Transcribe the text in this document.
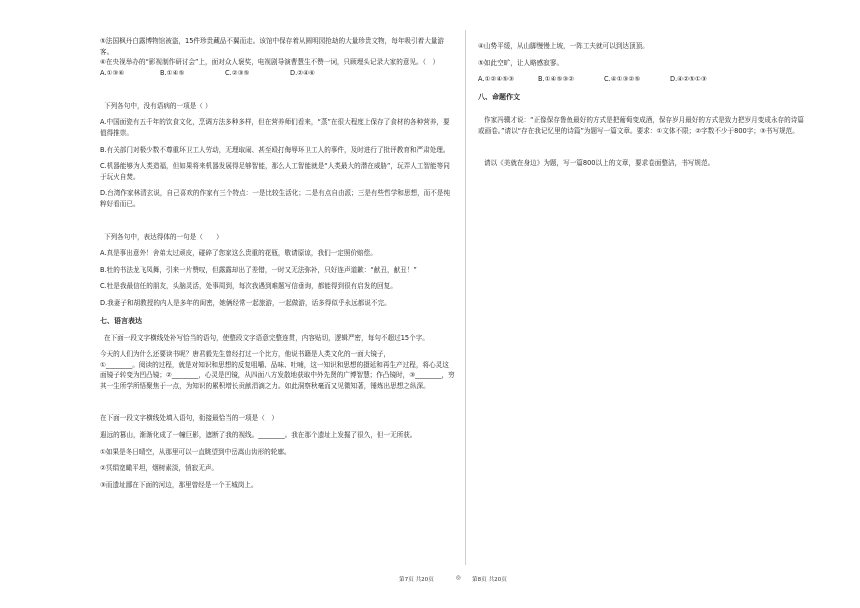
⑤法国枫丹白露博物馆被盗，15件珍贵藏品不翼而走。该馆中保存着从圆明园抢劫的大量珍贵文物，每年吸引着大量游客。

⑥在央视举办的“影视制作研讨会”上，面对众人褒奖，电视剧导演曹慧生不赞一词，只顾埋头记录大家的意见。（　）

A.①③⑥	B.①④⑤	C.②③⑤	D.②④⑥

下列各句中，没有语病的一项是（ ）

A.中国面瓷有五千年的饮食文化，烹调方法多种多样，但在营养师们看来，“蒸”在很大程度上保存了食材的各种营养，要值得推崇。

B.有关部门对极少数不尊重环卫工人劳动，无理取闹、甚至殴打侮辱环卫工人的事件，及时进行了批评教育和严肃处理。

C.机器能够为人类造福，但如果将来机器发展得足够智能，那么人工智能就是“人类最大的潜在威胁”，玩弄人工智能等同于玩火自焚。

D.台湾作家林清玄说，自己喜欢的作家有三个特点：一是比较生活化；二是有点自由派；三是有些哲学和思想，而不是纯粹好看而已。

下列各句中，表达得体的一句是（　　）

A.真是事出意外！舍弟太过顽皮，碰碎了您家这么贵重的花瓶，敬请原谅，我们一定照价赔偿。

B.牡的书法龙飞凤舞，引来一片赞叹，但露露却出了差错，一时又无法弥补，只好连声道歉：“献丑，献丑！”

C.牡是我最信任的朋友，头脑灵活，处事周到，每次我遇到难题写信垂询，都能得到很有启发的回复。

D.我妻子和胡教授的内人是多年的闺密，她俩经常一起旅游，一起做游，话多得似乎永远都说不完。

七、语言表达

在下面一段文字横线处补写恰当的语句，使整段文字语意完整连贯，内容贴切，逻辑严密，每句不超过15个字。

今天的人们为什么还要读书呢？唐君毅先生曾经打过一个比方，他说书籍是人类文化的一面大镜子，

①________。阅读的过程，就是对知识和思想的反复咀嚼、品味、吐哺，这一知识和思想的摄延和再生产过程，将心灵这面镜子转变为凹凸镜；②________，心灵是凹镜，从四面八方发散地获取中外先贤的广博智慧；作凸镜时，③________，穷其一生所学所悟聚焦于一点，为知识的累积增长贡献涓滴之力。如此洞察秋毫而又见微知著，锤炼出思想之纵深。

在下面一段文字横线处填入语句，衔接最恰当的一项是（　）

遐远的篡山，渐渐化成了一幢巨影，遮断了我的视线。________。我在那个遗址上发掘了很久，但一无所获。

①如果是冬日晴空，从那里可以一直眺望到中岳嵩山齿形的轮廓。

②冥绢宽瞰平坦，烟树素淡，悄寂无声。

③而遗址鄙在下面的河边，那里曾经是一个王城岗上。

④山势平缓，从山脚慢慢上坡，一阵工夫就可以到达顶顶。

⑤如此空旷，让人略感寂寥。

A.①②④⑤③	B.①④⑤③②	C.④①③②⑤	D.④②⑤①③

八、命题作文

作家冯骥才说：“正像保存鲁鱼最好的方式是把葡萄变成酒，保存岁月最好的方式是致力把岁月变成永存的诗篇或画卷。”请以“存在我记忆里的诗篇”为题写一篇文章。要求：①文体不限；②字数不少于800字；③书写规范。

请以《美就在身边》为题，写一篇800以上的文章，要求卷面整洁，书写规范。

第7页 共20页	◎ 第8页 共20页
